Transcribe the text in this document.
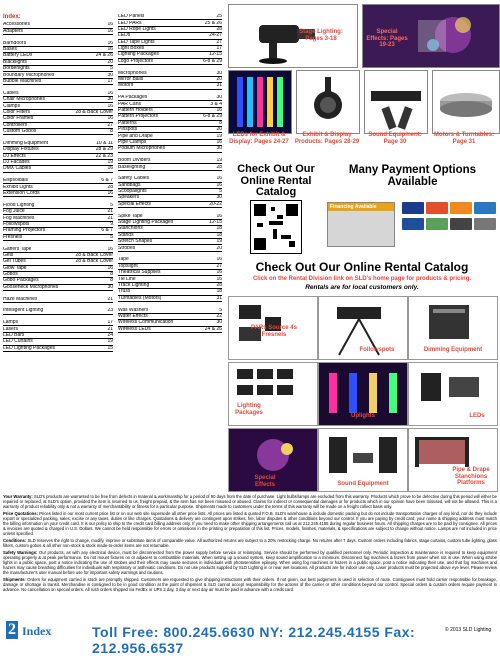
Index:
Accessories	16
Adapters	16
Barndoors	16
Bases	16
Battery LEDs	24 & 26
Blacklights	20
Borderlights	5
Boundary Microphones	30
Bubble Machines	17
Cables	16
Chair Microphones	30
Clamps	16
Color Filters	28 & Back Cover
Color Frames	16
Controllers	27
Custom Gobos	8
Dimming Equipment	10 & 11
Display Fixtures	28 & 29
DJ Effects	22 & 23
DJ Facades	19
DMX Cables	16
Ellipsoidals	6 & 7
Exhibit Lights	28
Extension Cords	16
Flood Lighting	5
Fog Juice	21
Fog Machines	21
Followspots	9
Framing Projectors	6 & 7
Fresnels	5
Gaffers Tape	16
Gels	28 & Back Cover
Gel Tubes	28 & Back Cover
Glow Tape	16
Gobos	8
Gobo Packages	8
Gooseneck Microphones	30
Haze Machines	21
Intelligent Lighting	23
Lamps	17
Lasers	21
LED Bars	24
LED Curtains	19
LED Lighting Packages	15
LED Panels	25
LED PARs	25 & 26
LED Rope Lights	28
LEDs	24-27
LED Tape Lights	27
Light Boxes	17
Lighting Packages	12-15
Logo Projectors	6-8 & 29
Microphones	30
Mirror Balls	20
Motors	31
PA Packages	30
PAR Cans	3 & 4
Pattern Holders	16
Pattern Projectors	6-8 & 29
Patterns	8
Pinspots	20
Pipe and Drape	19
Pipe Clamps	16
Podium Microphones	30
Boom Dividers	19
Baselighting	28
Safety Cables	16
Sandbags	16
Scoopalights	5
Speakers	30
Special Effects	20-22
Spike Tape	16
Stage Lighting Packages	12-15
Stanchions	18
Stands	18
Stretch Shapes	19
Strobes	20
Tape	16
Topslight	27
Theatrical Supplies	16
Tie Line	16
Track Lighting	28
Truss	18
Turntables (Motors)	31
Wall Washers	5
Water Effects	22
Wireless Communication	30
Wireless LEDs	24 & 26
Stage Lighting: Pages 3-18
Special Effects: Pages 19-23
LEDs for Exhibit & Display: Pages 24-27
Exhibit & Display Products: Pages 28-29
Sound Equipment: Page 30
Motors & Turntables: Page 31
Check Out Our Online Rental Catalog
Many Payment Options Available
Financing Available
Check Out Our Online Rental Catalog
Click on the Rental Division link on SLD's home page for products & pricing.
Rentals are for local customers only.
PARs Source 4s Fresnels
Followspots	Dimming Equipment
Lighting Packages
Uplights	LEDs
Special Effects	Sound Equipment
Pipe & Drape Stanchions Platforms

Your Warranty: SLD's products are warranted to be free from defects in material & workmanship for a period of 90 days from the date of purchase. Light bulbs/lamps are excluded from this warranty. Products which prove to be defective during this period will either be repaired or replaced, at SLD's option, provided the item is returned to us, freight prepaid, & the item has not been misused or abused. Claims for indirect or consequential damages or for products which in our opinion have been misused, will not be allowed. This is a warranty of product reliability only & not a warranty of merchantability or fitness for a particular purpose. Shipments made to customers under the terms of this warranty will be made on a freight collect basis only.

Price Quotations: Prices listed in our most current price list or on our web site supersede all other price lists. All prices are listed & quoted F.O.B. SLD's warehouse & include domestic packing but do not include transportation charges of any kind, nor do they include export or specialized packing, sales, excise or any taxes, duties or like charges. Quotations & delivery are contingent upon strikes, fire, labor disputes & other conditions beyond our control. If you are paying by credit card, your name & shipping address must match the billing information on your credit card. It is our policy to ship to the credit card billing address only. If you need to make other shipping arrangements call us at 212.245.4155 during regular business hours. All shipping charges are to be paid by consignee. All prices & invoices are quoted & charged in U.S. Dollars. We cannot be held responsible for errors or omissions in the printing or preparation of this list. Prices, models, finishes, materials, & specifications are subject to change without notice. Lamps are not included in price unless specified.

Conditions: SLD reserves the right to change, modify, improve or substitute items of comparable value. All authorized returns are subject to a 20% restocking charge. No returns after 7 days. Custom orders including fabrics, stage curtains, custom tube lighting, glass filters, custom gobos & all other non-stock & stock made-to-order items are not returnable.

Safety Warnings: Our products, as with any electrical device, must be disconnected from the power supply before service or relamping. Service should be performed by qualified personnel only. Periodic inspection & maintenance is required to keep equipment operating properly & at peak performance. Do not mount fixtures on or adjacent to combustible materials. When setting up a sound system, keep sound amplification to a minimum. Disconnect fog machines & fazers from power when not in use. When using strobe lights in a public space, post a notice indicating the use of strobes and their effects may cause seizures in individuals with photosensitive epilepsy. When using fog machines or hazers in a public space, post a notice indicating their use, and that fog machines and hazers may cause breathing difficulties for individuals with respiratory or asthmatic conditions. Do not use products supplied by SLD Lighting in or near wet locations. All products are for indoor use only. Laser products must be projected above eye level. Please review the manufacturer's user manual before use for important safety warnings and cautions.

Shipments: Orders for equipment carried in stock are promptly shipped. Customers are requested to give shipping instructions with their orders. If not given, our best judgement is used in selection of route. Consignees must hold carrier responsible for breakage, damage or shortage in transit. Merchandise is consigned to be in good condition at the point of shipment & SLD cannot accept responsibility for the actions of the carrier or other conditions beyond our control. Special orders & custom orders require payment in advance. No cancellation on special orders. All rush orders shipped via FedEx or UPS 2 day, 3 day or next day air must be paid in advance with a credit card.

2 Index	Toll Free: 800.245.6630 NY: 212.245.4155 Fax: 212.956.6537
© 2013 SLD Lighting
